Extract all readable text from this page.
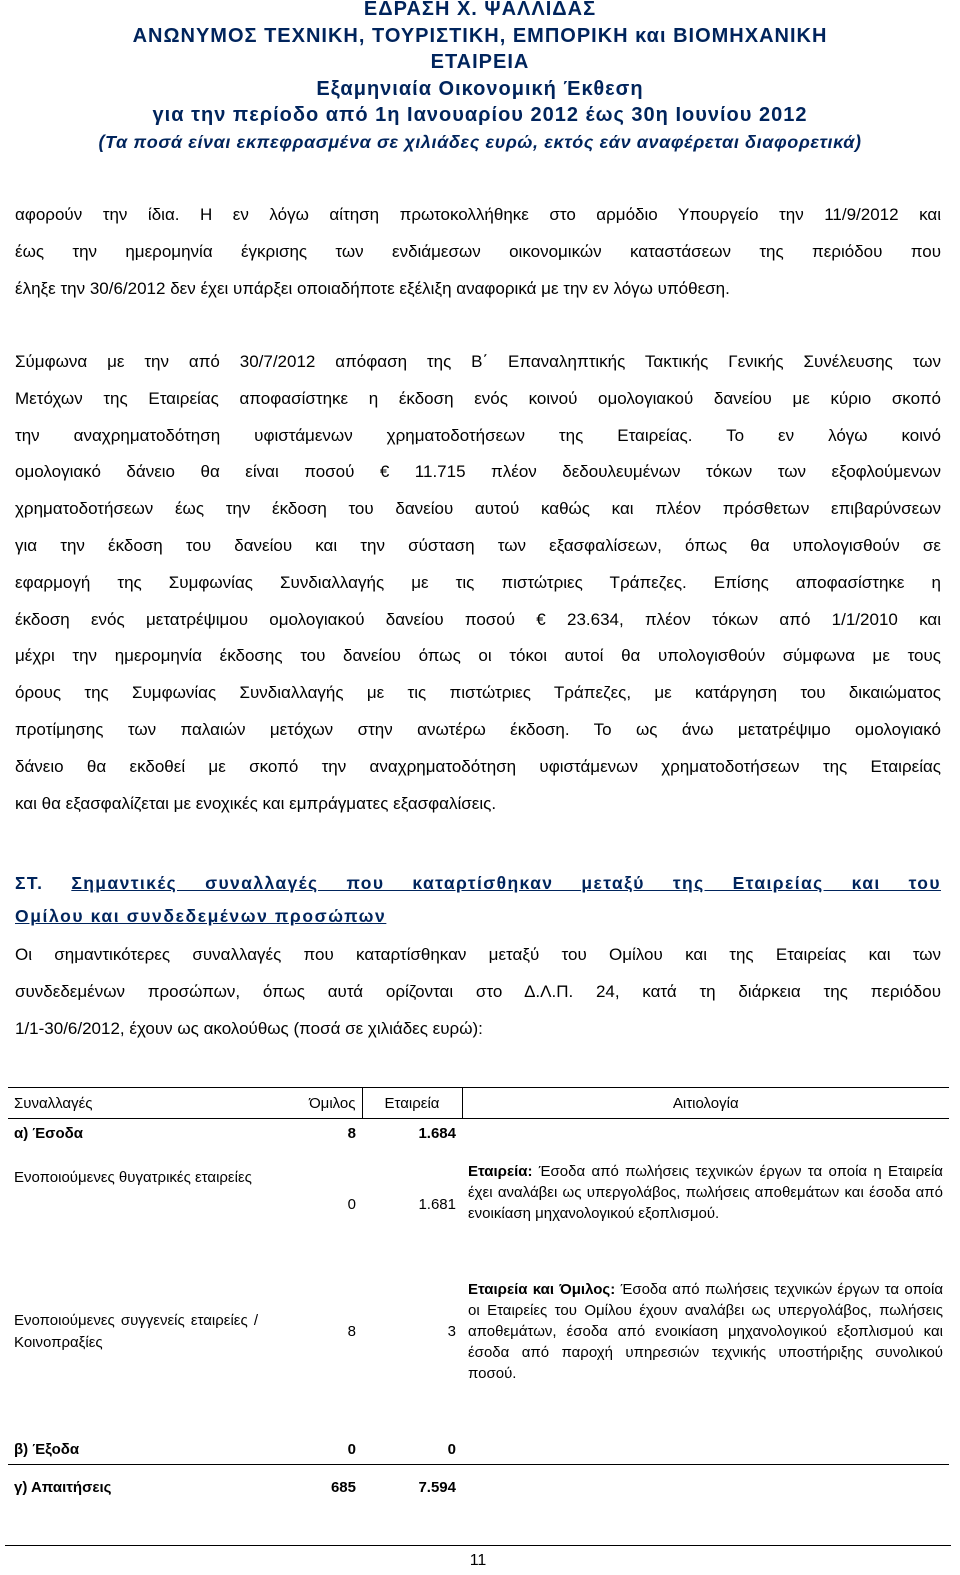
ΕΔΡΑΣΗ Χ. ΨΑΛΛΙΔΑΣ
ΑΝΩΝΥΜΟΣ ΤΕΧΝΙΚΗ, ΤΟΥΡΙΣΤΙΚΗ, ΕΜΠΟΡΙΚΗ και ΒΙΟΜΗΧΑΝΙΚΗ
ΕΤΑΙΡΕΙΑ
Εξαμηνιαία Οικονομική Έκθεση
για την περίοδο από 1η Ιανουαρίου 2012 έως 30η Ιουνίου 2012
(Τα ποσά είναι εκπεφρασμένα σε χιλιάδες ευρώ, εκτός εάν αναφέρεται διαφορετικά)
αφορούν την ίδια. Η εν λόγω αίτηση πρωτοκολλήθηκε στο αρμόδιο Υπουργείο την 11/9/2012 και
έως την ημερομηνία έγκρισης των ενδιάμεσων οικονομικών καταστάσεων της περιόδου που
έληξε την 30/6/2012 δεν έχει υπάρξει οποιαδήποτε εξέλιξη αναφορικά με την εν λόγω υπόθεση.
Σύμφωνα με την από 30/7/2012 απόφαση της Β΄ Επαναληπτικής Τακτικής Γενικής Συνέλευσης των
Μετόχων της Εταιρείας αποφασίστηκε η έκδοση ενός κοινού ομολογιακού δανείου με κύριο σκοπό
την αναχρηματοδότηση υφιστάμενων χρηματοδοτήσεων της Εταιρείας. Το εν λόγω κοινό
ομολογιακό δάνειο θα είναι ποσού € 11.715 πλέον δεδουλευμένων τόκων των εξοφλούμενων
χρηματοδοτήσεων έως την έκδοση του δανείου αυτού καθώς και πλέον πρόσθετων επιβαρύνσεων
για την έκδοση του δανείου και την σύσταση των εξασφαλίσεων, όπως θα υπολογισθούν σε
εφαρμογή της Συμφωνίας Συνδιαλλαγής με τις πιστώτριες Τράπεζες. Επίσης αποφασίστηκε η
έκδοση ενός μετατρέψιμου ομολογιακού δανείου ποσού € 23.634, πλέον τόκων από 1/1/2010 και
μέχρι την ημερομηνία έκδοσης του δανείου όπως οι τόκοι αυτοί θα υπολογισθούν σύμφωνα με τους
όρους της Συμφωνίας Συνδιαλλαγής με τις πιστώτριες Τράπεζες, με κατάργηση του δικαιώματος
προτίμησης των παλαιών μετόχων στην ανωτέρω έκδοση. Το ως άνω μετατρέψιμο ομολογιακό
δάνειο θα εκδοθεί με σκοπό την αναχρηματοδότηση υφιστάμενων χρηματοδοτήσεων της Εταιρείας
και θα εξασφαλίζεται με ενοχικές και εμπράγματες εξασφαλίσεις.
ΣΤ. Σημαντικές συναλλαγές που καταρτίσθηκαν μεταξύ της Εταιρείας και του
Ομίλου και συνδεδεμένων προσώπων
Οι σημαντικότερες συναλλαγές που καταρτίσθηκαν μεταξύ του Ομίλου και της Εταιρείας και των
συνδεδεμένων προσώπων, όπως αυτά ορίζονται στο Δ.Λ.Π. 24, κατά τη διάρκεια της περιόδου
1/1-30/6/2012, έχουν ως ακολούθως (ποσά σε χιλιάδες ευρώ):
Συναλλαγές	Όμιλος	Εταιρεία	Αιτιολογία
α) Έσοδα	8	1.684	
Ενοποιούμενες θυγατρικές εταιρείες	0	1.681	Εταιρεία: Έσοδα από πωλήσεις τεχνικών έργων τα οποία η Εταιρεία έχει αναλάβει ως υπεργολάβος, πωλήσεις αποθεμάτων και έσοδα από ενοικίαση μηχανολογικού εξοπλισμού.
Ενοποιούμενες συγγενείς εταιρείες / Κοινοπραξίες	8	3	Εταιρεία και Όμιλος: Έσοδα από πωλήσεις τεχνικών έργων τα οποία οι Εταιρείες του Ομίλου έχουν αναλάβει ως υπεργολάβος, πωλήσεις αποθεμάτων, έσοδα από ενοικίαση μηχανολογικού εξοπλισμού και έσοδα από παροχή υπηρεσιών τεχνικής υποστήριξης συνολικού ποσού.
β) Έξοδα	0	0	
γ) Απαιτήσεις	685	7.594	
11
